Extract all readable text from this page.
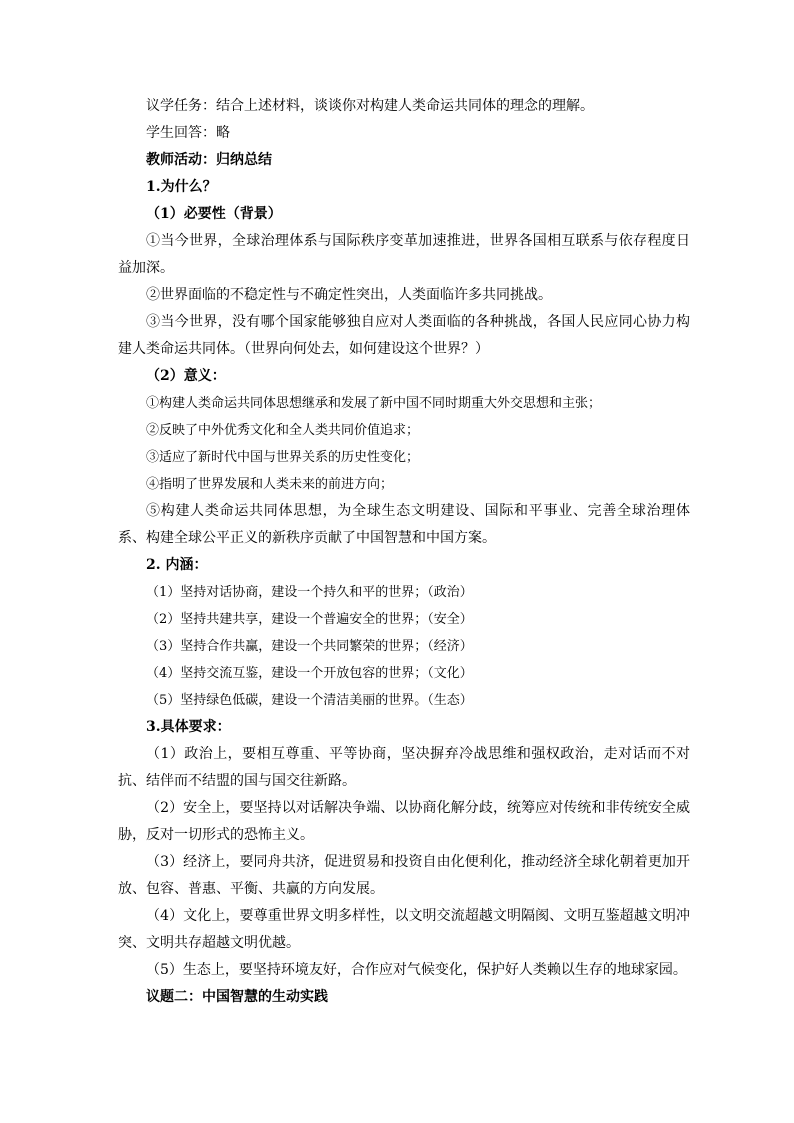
议学任务：结合上述材料，谈谈你对构建人类命运共同体的理念的理解。

学生回答：略

教师活动：归纳总结

1.为什么？

（1）必要性（背景）

①当今世界，全球治理体系与国际秩序变革加速推进，世界各国相互联系与依存程度日益加深。

②世界面临的不稳定性与不确定性突出，人类面临许多共同挑战。

③当今世界，没有哪个国家能够独自应对人类面临的各种挑战，各国人民应同心协力构建人类命运共同体。（世界向何处去，如何建设这个世界？）

（2）意义：

①构建人类命运共同体思想继承和发展了新中国不同时期重大外交思想和主张；

②反映了中外优秀文化和全人类共同价值追求；

③适应了新时代中国与世界关系的历史性变化；

④指明了世界发展和人类未来的前进方向；

⑤构建人类命运共同体思想，为全球生态文明建设、国际和平事业、完善全球治理体系、构建全球公平正义的新秩序贡献了中国智慧和中国方案。

2. 内涵：

（1）坚持对话协商，建设一个持久和平的世界；（政治）

（2）坚持共建共享，建设一个普遍安全的世界；（安全）

（3）坚持合作共赢，建设一个共同繁荣的世界；（经济）

（4）坚持交流互鉴，建设一个开放包容的世界；（文化）

（5）坚持绿色低碳，建设一个清洁美丽的世界。（生态）

3.具体要求：

（1）政治上，要相互尊重、平等协商，坚决摒弃冷战思维和强权政治，走对话而不对抗、结伴而不结盟的国与国交往新路。

（2）安全上，要坚持以对话解决争端、以协商化解分歧，统筹应对传统和非传统安全威胁，反对一切形式的恐怖主义。

（3）经济上，要同舟共济，促进贸易和投资自由化便利化，推动经济全球化朝着更加开放、包容、普惠、平衡、共赢的方向发展。

（4）文化上，要尊重世界文明多样性，以文明交流超越文明隔阂、文明互鉴超越文明冲突、文明共存超越文明优越。

（5）生态上，要坚持环境友好，合作应对气候变化，保护好人类赖以生存的地球家园。

议题二：中国智慧的生动实践
